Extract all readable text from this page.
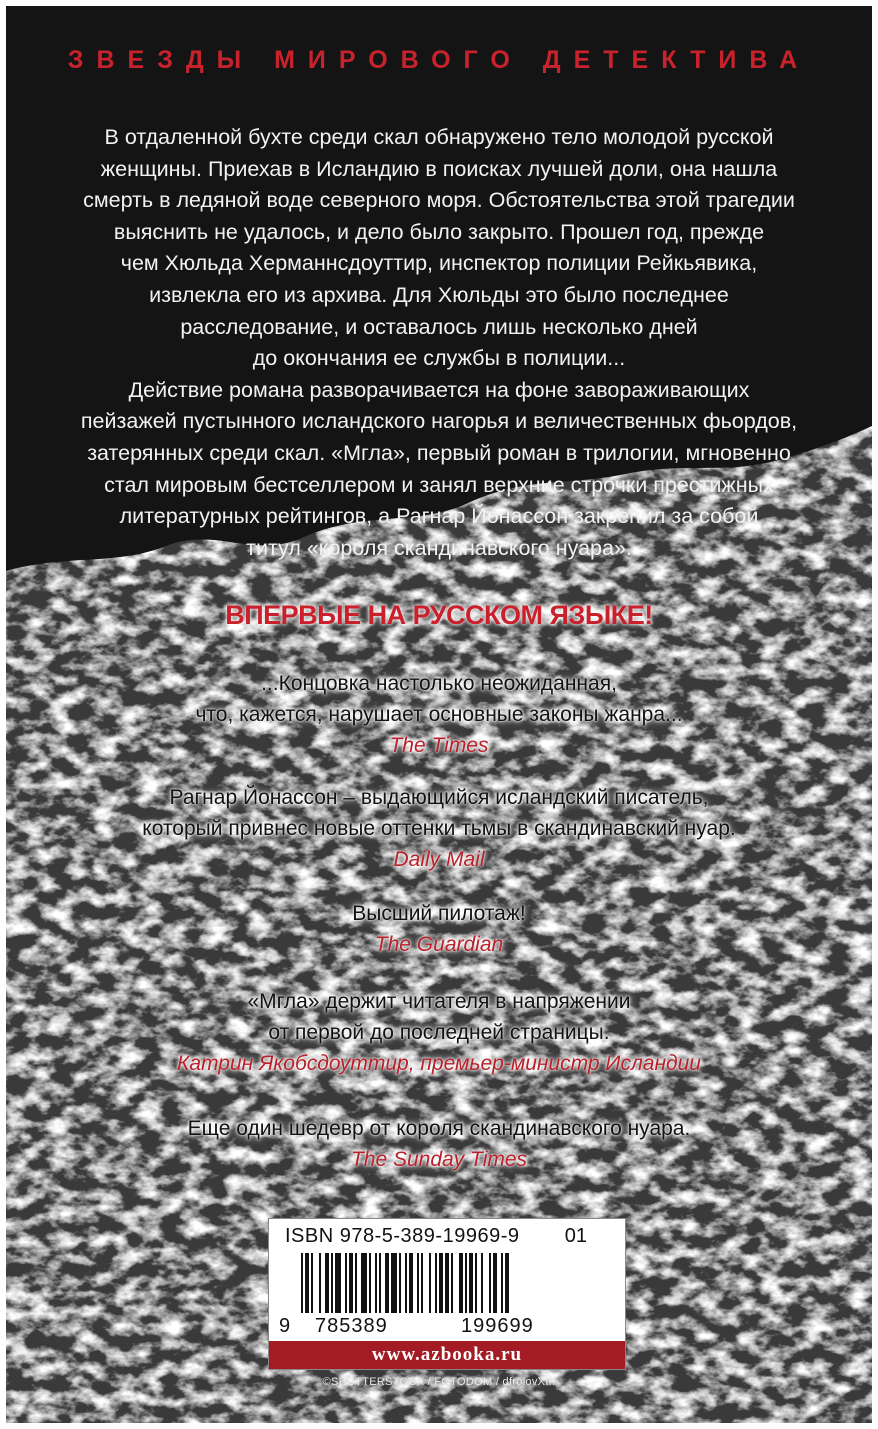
ЗВЕЗДЫ МИРОВОГО ДЕТЕКТИВА
В отдаленной бухте среди скал обнаружено тело молодой русской
женщины. Приехав в Исландию в поисках лучшей доли, она нашла
смерть в ледяной воде северного моря. Обстоятельства этой трагедии
выяснить не удалось, и дело было закрыто. Прошел год, прежде
чем Хюльда Херманнсдоуттир, инспектор полиции Рейкьявика,
извлекла его из архива. Для Хюльды это было последнее
расследование, и оставалось лишь несколько дней
до окончания ее службы в полиции...
Действие романа разворачивается на фоне завораживающих
пейзажей пустынного исландского нагорья и величественных фьордов,
затерянных среди скал. «Мгла», первый роман в трилогии, мгновенно
стал мировым бестселлером и занял верхние строчки престижных
литературных рейтингов, а Рагнар Йонассон закрепил за собой
титул «короля скандинавского нуара».
ВПЕРВЫЕ НА РУССКОМ ЯЗЫКЕ!
...Концовка настолько неожиданная,
что, кажется, нарушает основные законы жанра...
The Times
Рагнар Йонассон – выдающийся исландский писатель,
который привнес новые оттенки тьмы в скандинавский нуар.
Daily Mail
Высший пилотаж!
The Guardian
«Мгла» держит читателя в напряжении
от первой до последней страницы.
Катрин Якобсдоуттир, премьер-министр Исландии
Еще один шедевр от короля скандинавского нуара.
The Sunday Times
ISBN 978-5-389-19969-9 01
9 785389	199699
www.azbooka.ru
©SHUTTERSTOCK / FOTODOM / dfrolovXIII
